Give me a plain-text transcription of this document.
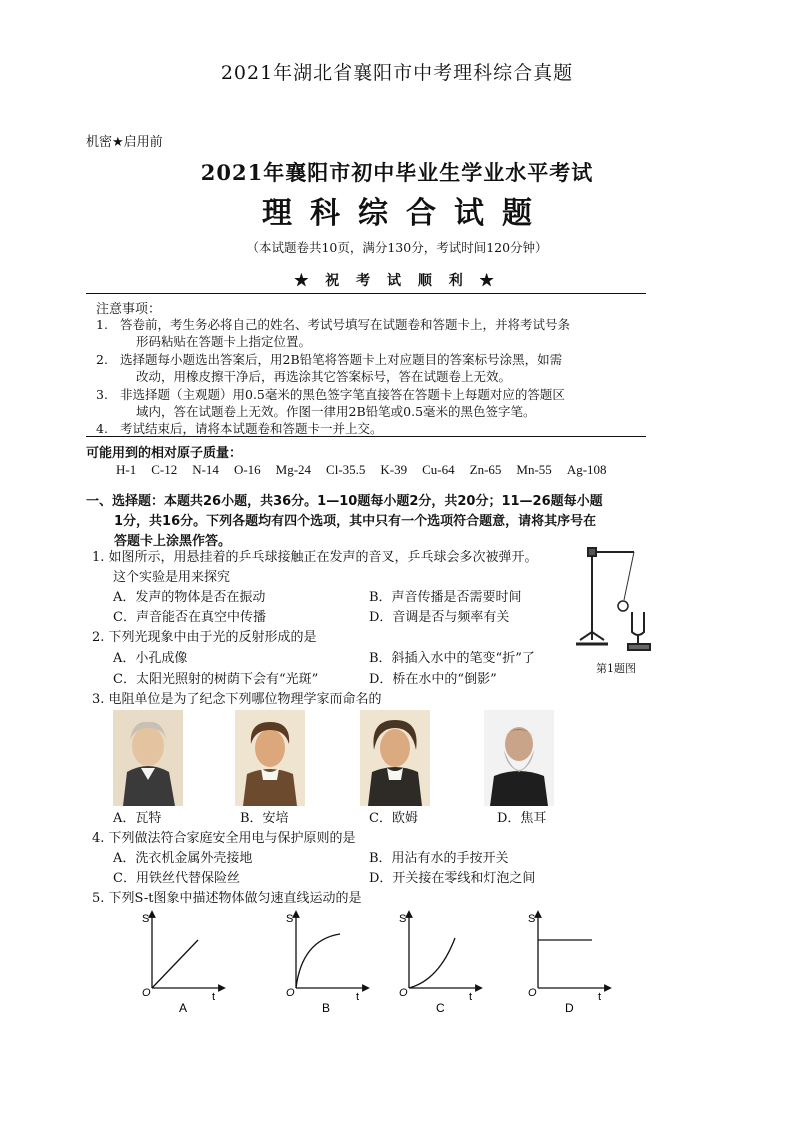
2021年湖北省襄阳市中考理科综合真题
机密★启用前
2021年襄阳市初中毕业生学业水平考试
理科综合试题
（本试题卷共10页，满分130分，考试时间120分钟）
★ 祝 考 试 顺 利 ★
注意事项：
1. 答卷前，考生务必将自己的姓名、考试号填写在试题卷和答题卡上，并将考试号条
形码粘贴在答题卡上指定位置。
2. 选择题每小题选出答案后，用2B铅笔将答题卡上对应题目的答案标号涂黑，如需
改动，用橡皮擦干净后，再选涂其它答案标号，答在试题卷上无效。
3. 非选择题（主观题）用0.5毫米的黑色签字笔直接答在答题卡上每题对应的答题区
域内，答在试题卷上无效。作图一律用2B铅笔或0.5毫米的黑色签字笔。
4. 考试结束后，请将本试题卷和答题卡一并上交。
可能用到的相对原子质量：
H-1 C-12 N-14 O-16 Mg-24 Cl-35.5 K-39 Cu-64 Zn-65 Mn-55 Ag-108
一、选择题：本题共26小题，共36分。1—10题每小题2分，共20分；11—26题每小题
1分，共16分。下列各题均有四个选项，其中只有一个选项符合题意，请将其序号在
答题卡上涂黑作答。
1. 如图所示，用悬挂着的乒乓球接触正在发声的音叉，乒乓球会多次被弹开。
这个实验是用来探究
A．发声的物体是否在振动	B．声音传播是否需要时间
C．声音能否在真空中传播	D．音调是否与频率有关
第1题图
2. 下列光现象中由于光的反射形成的是
A．小孔成像	B．斜插入水中的笔变“折”了
C．太阳光照射的树荫下会有“光斑”	D．桥在水中的“倒影”
3. 电阻单位是为了纪念下列哪位物理学家而命名的
A．瓦特	B．安培	C．欧姆	D．焦耳
4. 下列做法符合家庭安全用电与保护原则的是
A．洗衣机金属外壳接地	B．用沾有水的手按开关
C．用铁丝代替保险丝	D．开关接在零线和灯泡之间
5. 下列S-t图象中描述物体做匀速直线运动的是
S
O	t
A
S
O	t
B
S
O	t
C
S
O	t
D
